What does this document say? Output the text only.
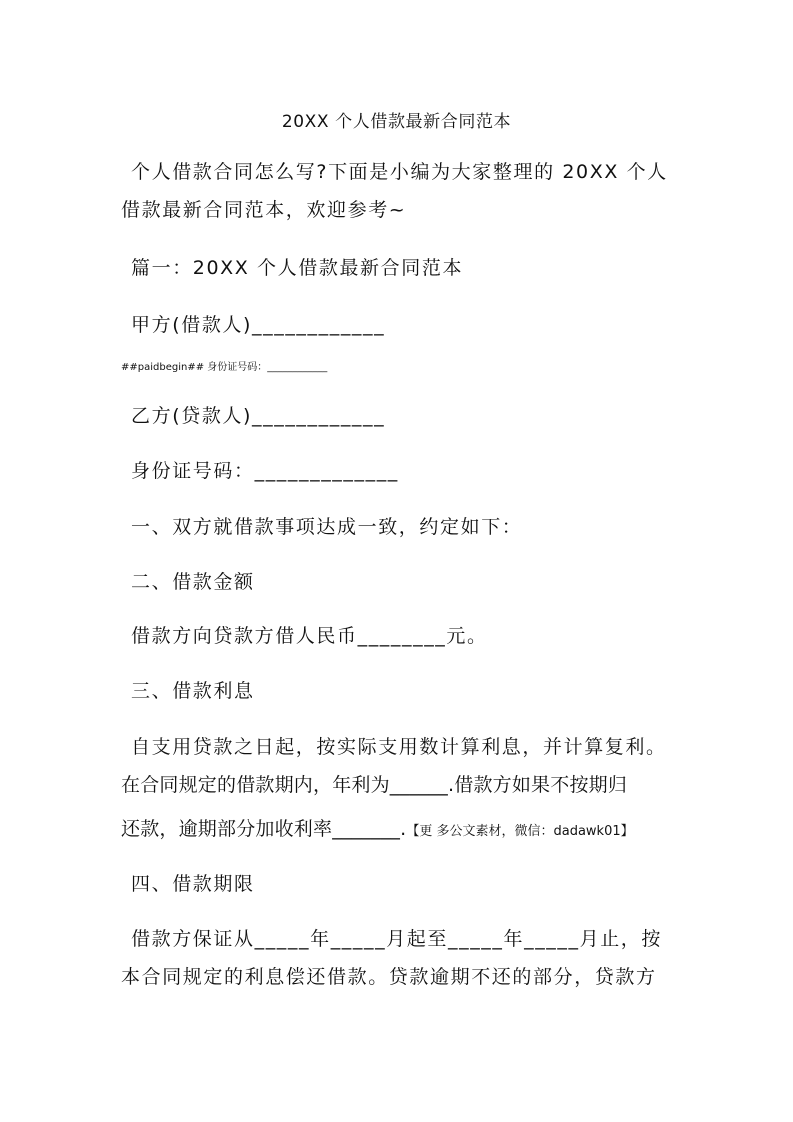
20XX 个人借款最新合同范本
个人借款合同怎么写?下面是小编为大家整理的 20XX 个人
借款最新合同范本，欢迎参考~
篇一：20XX 个人借款最新合同范本
甲方(借款人)____________
##paidbegin## 身份证号码：____________
乙方(贷款人)____________
身份证号码：_____________
一、双方就借款事项达成一致，约定如下：
二、借款金额
借款方向贷款方借人民币________元。
三、借款利息
自支用贷款之日起，按实际支用数计算利息，并计算复利。
在合同规定的借款期内，年利为______.借款方如果不按期归
还款，逾期部分加收利率_______.【更 多公文素材，微信：dadawk01】
四、借款期限
借款方保证从_____年_____月起至_____年_____月止，按
本合同规定的利息偿还借款。贷款逾期不还的部分，贷款方
